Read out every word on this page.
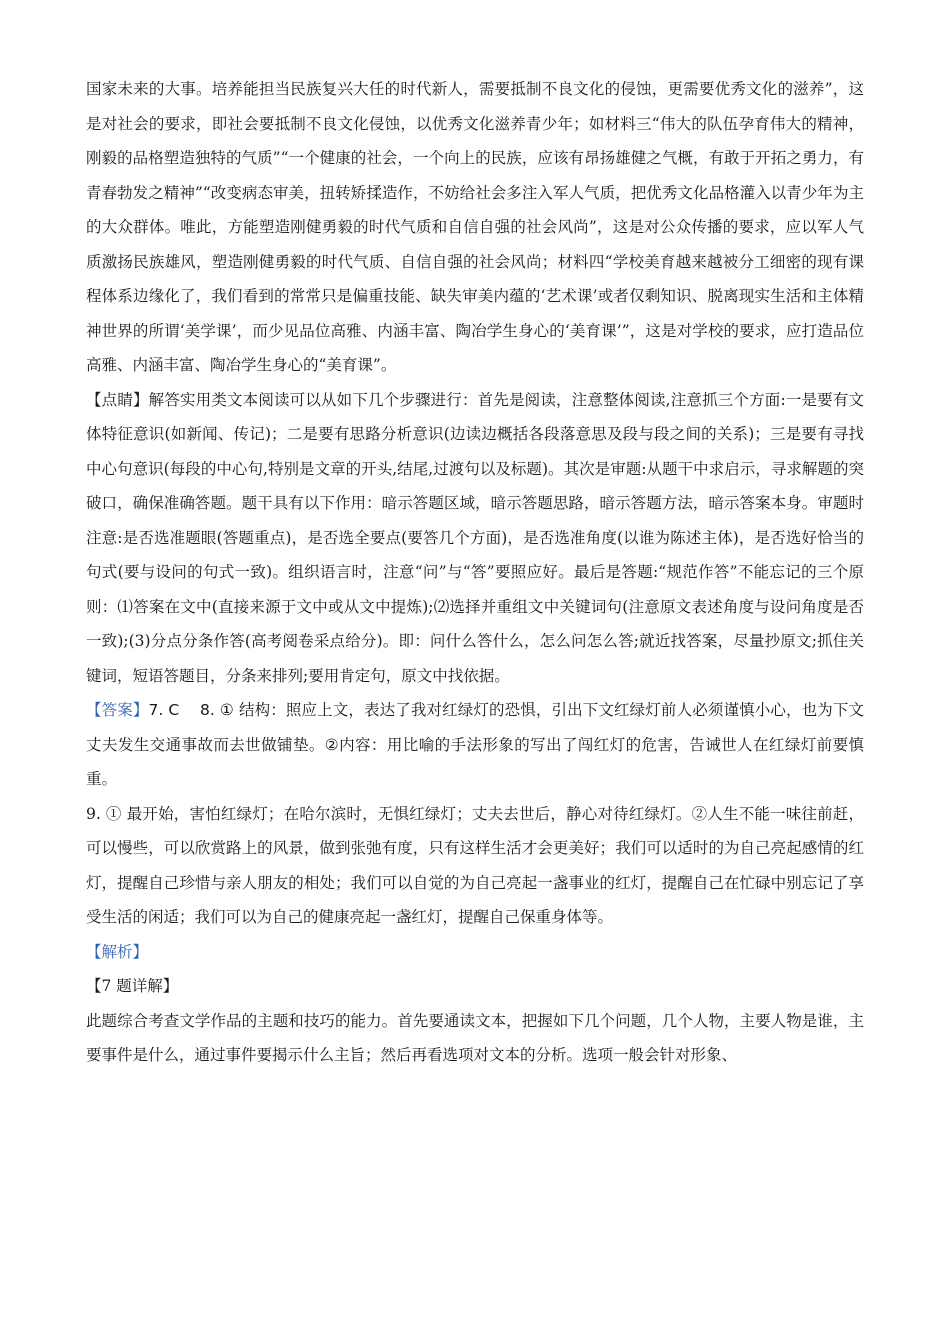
国家未来的大事。培养能担当民族复兴大任的时代新人，需要抵制不良文化的侵蚀，更需要优秀文化的滋养”，这是对社会的要求，即社会要抵制不良文化侵蚀，以优秀文化滋养青少年；如材料三“伟大的队伍孕育伟大的精神，刚毅的品格塑造独特的气质”“一个健康的社会，一个向上的民族，应该有昂扬雄健之气概，有敢于开拓之勇力，有青春勃发之精神”“改变病态审美，扭转矫揉造作，不妨给社会多注入军人气质，把优秀文化品格灌入以青少年为主的大众群体。唯此，方能塑造刚健勇毅的时代气质和自信自强的社会风尚”，这是对公众传播的要求，应以军人气质激扬民族雄风，塑造刚健勇毅的时代气质、自信自强的社会风尚；材料四“学校美育越来越被分工细密的现有课程体系边缘化了，我们看到的常常只是偏重技能、缺失审美内蕴的‘艺术课’或者仅剩知识、脱离现实生活和主体精神世界的所谓‘美学课’，而少见品位高雅、内涵丰富、陶冶学生身心的‘美育课’”，这是对学校的要求，应打造品位高雅、内涵丰富、陶冶学生身心的“美育课”。

【点睛】解答实用类文本阅读可以从如下几个步骤进行：首先是阅读，注意整体阅读,注意抓三个方面:一是要有文体特征意识(如新闻、传记)；二是要有思路分析意识(边读边概括各段落意思及段与段之间的关系)；三是要有寻找中心句意识(每段的中心句,特别是文章的开头,结尾,过渡句以及标题)。其次是审题:从题干中求启示，寻求解题的突破口，确保准确答题。题干具有以下作用：暗示答题区域，暗示答题思路，暗示答题方法，暗示答案本身。审题时注意:是否选准题眼(答题重点)，是否选全要点(要答几个方面)，是否选准角度(以谁为陈述主体)，是否选好恰当的句式(要与设问的句式一致)。组织语言时，注意“问”与“答”要照应好。最后是答题:“规范作答”不能忘记的三个原则：⑴答案在文中(直接来源于文中或从文中提炼);⑵选择并重组文中关键词句(注意原文表述角度与设问角度是否一致);(3)分点分条作答(高考阅卷采点给分)。即：问什么答什么，怎么问怎么答;就近找答案，尽量抄原文;抓住关键词，短语答题目，分条来排列;要用肯定句，原文中找依据。

【答案】7. C　 8. ① 结构：照应上文，表达了我对红绿灯的恐惧，引出下文红绿灯前人必须谨慎小心，也为下文丈夫发生交通事故而去世做铺垫。②内容：用比喻的手法形象的写出了闯红灯的危害，告诫世人在红绿灯前要慎重。

9. ① 最开始，害怕红绿灯；在哈尔滨时，无惧红绿灯；丈夫去世后，静心对待红绿灯。②人生不能一味往前赶，可以慢些，可以欣赏路上的风景，做到张弛有度，只有这样生活才会更美好；我们可以适时的为自己亮起感情的红灯，提醒自己珍惜与亲人朋友的相处；我们可以自觉的为自己亮起一盏事业的红灯，提醒自己在忙碌中别忘记了享受生活的闲适；我们可以为自己的健康亮起一盏红灯，提醒自己保重身体等。

【解析】

【7 题详解】

此题综合考查文学作品的主题和技巧的能力。首先要通读文本，把握如下几个问题，几个人物，主要人物是谁，主要事件是什么，通过事件要揭示什么主旨；然后再看选项对文本的分析。选项一般会针对形象、
